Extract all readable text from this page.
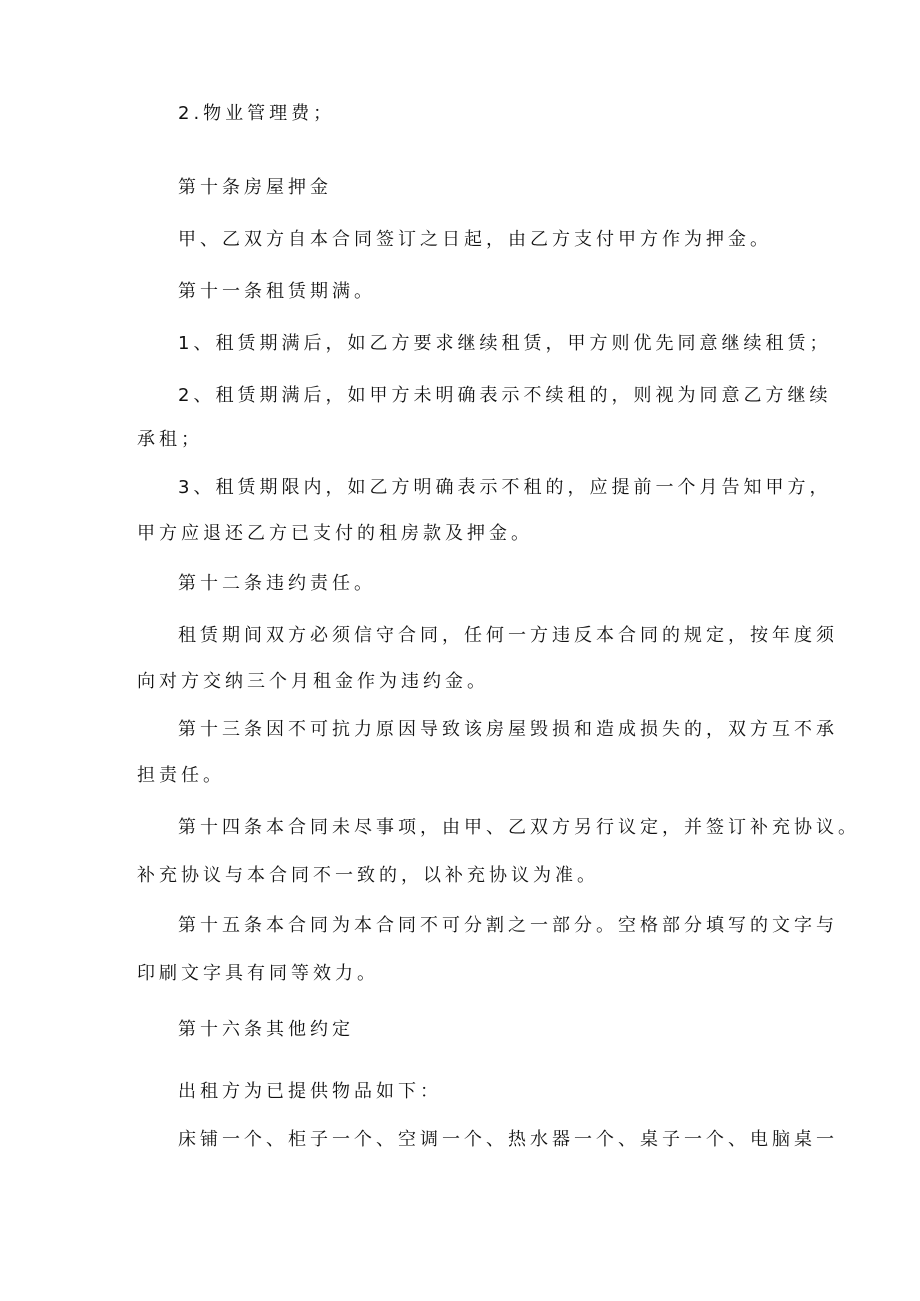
2.物业管理费；
第十条房屋押金
甲、乙双方自本合同签订之日起，由乙方支付甲方作为押金。
第十一条租赁期满。
1、租赁期满后，如乙方要求继续租赁，甲方则优先同意继续租赁；
2、租赁期满后，如甲方未明确表示不续租的，则视为同意乙方继续
承租；
3、租赁期限内，如乙方明确表示不租的，应提前一个月告知甲方，
甲方应退还乙方已支付的租房款及押金。
第十二条违约责任。
租赁期间双方必须信守合同，任何一方违反本合同的规定，按年度须
向对方交纳三个月租金作为违约金。
第十三条因不可抗力原因导致该房屋毁损和造成损失的，双方互不承
担责任。
第十四条本合同未尽事项，由甲、乙双方另行议定，并签订补充协议。
补充协议与本合同不一致的，以补充协议为准。
第十五条本合同为本合同不可分割之一部分。空格部分填写的文字与
印刷文字具有同等效力。
第十六条其他约定
出租方为已提供物品如下：
床铺一个、柜子一个、空调一个、热水器一个、桌子一个、电脑桌一
